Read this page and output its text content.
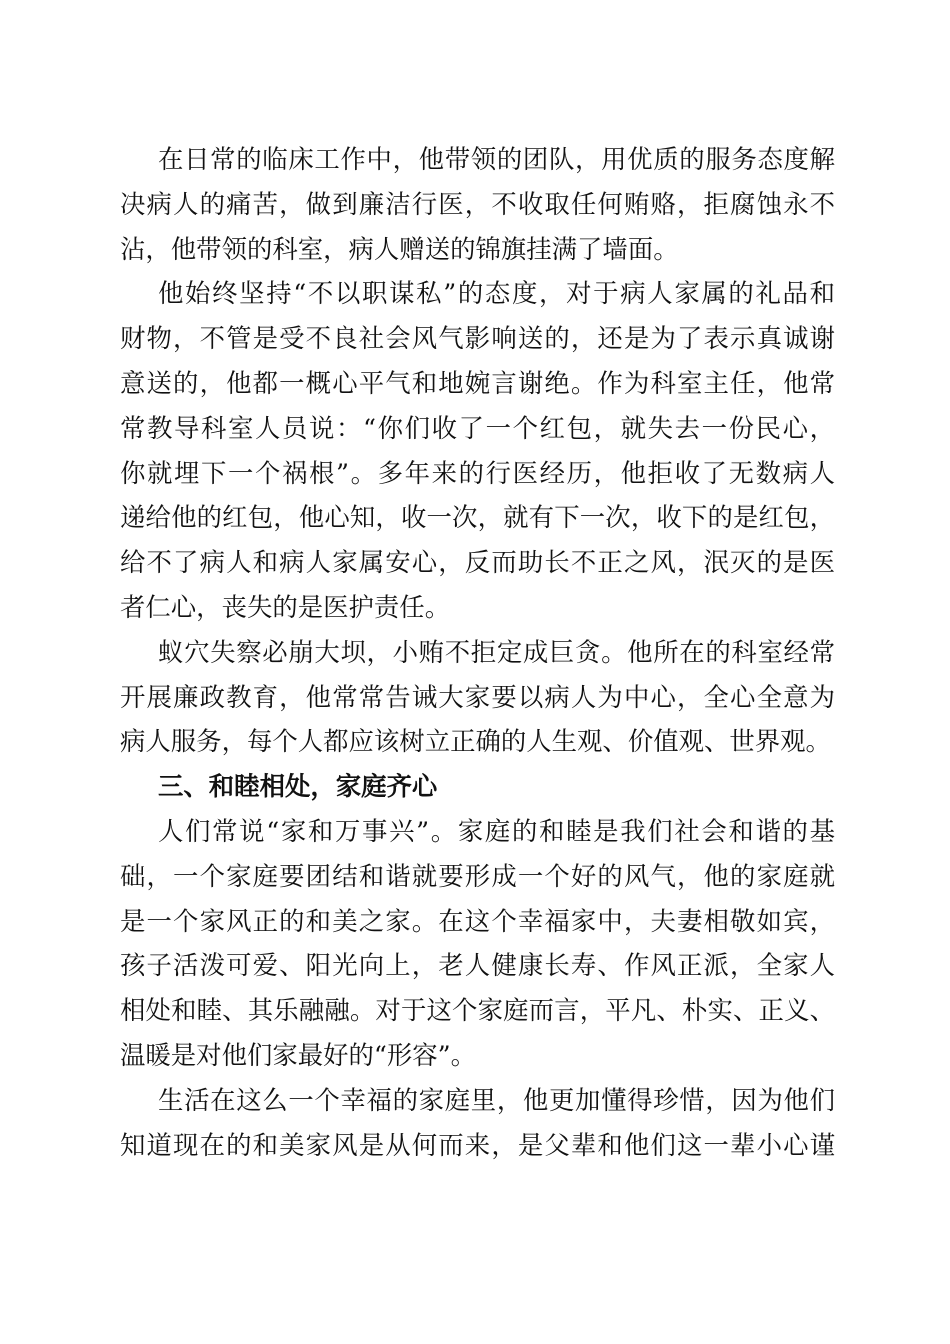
在日常的临床工作中，他带领的团队，用优质的服务态度解
决病人的痛苦，做到廉洁行医，不收取任何贿赂，拒腐蚀永不
沾，他带领的科室，病人赠送的锦旗挂满了墙面。
他始终坚持“不以职谋私”的态度，对于病人家属的礼品和
财物，不管是受不良社会风气影响送的，还是为了表示真诚谢
意送的，他都一概心平气和地婉言谢绝。作为科室主任，他常
常教导科室人员说：“你们收了一个红包，就失去一份民心，
你就埋下一个祸根”。多年来的行医经历，他拒收了无数病人
递给他的红包，他心知，收一次，就有下一次，收下的是红包，
给不了病人和病人家属安心，反而助长不正之风，泯灭的是医
者仁心，丧失的是医护责任。
蚁穴失察必崩大坝，小贿不拒定成巨贪。他所在的科室经常
开展廉政教育，他常常告诫大家要以病人为中心，全心全意为
病人服务，每个人都应该树立正确的人生观、价值观、世界观。
三、和睦相处，家庭齐心
人们常说“家和万事兴”。家庭的和睦是我们社会和谐的基
础，一个家庭要团结和谐就要形成一个好的风气，他的家庭就
是一个家风正的和美之家。在这个幸福家中，夫妻相敬如宾，
孩子活泼可爱、阳光向上，老人健康长寿、作风正派，全家人
相处和睦、其乐融融。对于这个家庭而言，平凡、朴实、正义、
温暖是对他们家最好的“形容”。
生活在这么一个幸福的家庭里，他更加懂得珍惜，因为他们
知道现在的和美家风是从何而来，是父辈和他们这一辈小心谨
